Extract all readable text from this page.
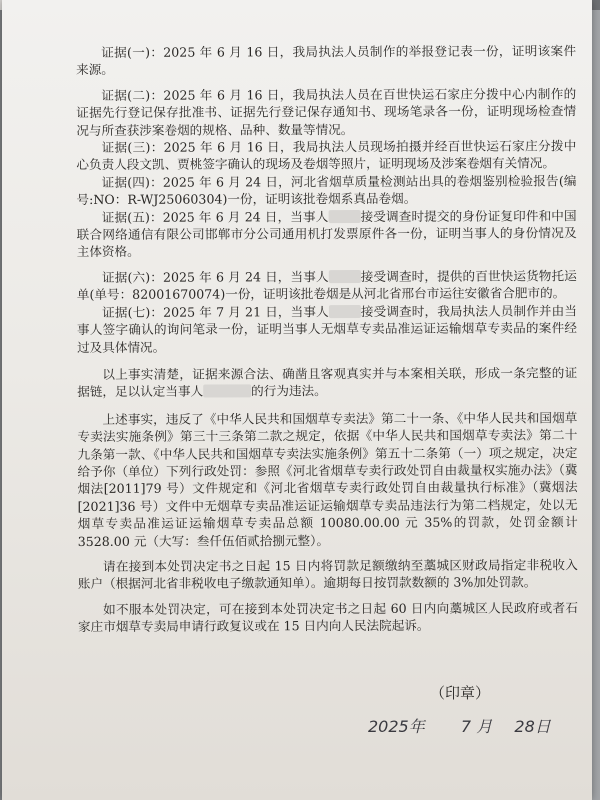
证据(一)：2025 年 6 月 16 日，我局执法人员制作的举报登记表一份，证明该案件来源。

证据(二)：2025 年 6 月 16 日，我局执法人员在百世快运石家庄分拨中心内制作的证据先行登记保存批准书、证据先行登记保存通知书、现场笔录各一份，证明现场检查情况与所查获涉案卷烟的规格、品种、数量等情况。

证据(三)：2025 年 6 月 16 日，我局执法人员现场拍摄并经百世快运石家庄分拨中心负责人段文凯、贾桃签字确认的现场及卷烟等照片，证明现场及涉案卷烟有关情况。

证据(四)：2025 年 6 月 24 日，河北省烟草质量检测站出具的卷烟鉴别检验报告(编号:NO：R-WJ25060304)一份，证明该批卷烟系真品卷烟。

证据(五)：2025 年 6 月 24 日，当事人	接受调查时提交的身份证复印件和中国联合网络通信有限公司邯郸市分公司通用机打发票原件各一份，证明当事人的身份情况及主体资格。

证据(六)：2025 年 6 月 24 日，当事人	接受调查时，提供的百世快运货物托运单(单号：82001670074)一份，证明该批卷烟是从河北省邢台市运往安徽省合肥市的。

证据(七)：2025 年 7 月 21 日，当事人	接受调查时，我局执法人员制作并由当事人签字确认的询问笔录一份，证明当事人无烟草专卖品准运证运输烟草专卖品的案件经过及具体情况。

以上事实清楚，证据来源合法、确凿且客观真实并与本案相关联，形成一条完整的证据链，足以认定当事人	的行为违法。

上述事实，违反了《中华人民共和国烟草专卖法》第二十一条、《中华人民共和国烟草专卖法实施条例》第三十三条第二款之规定，依据《中华人民共和国烟草专卖法》第二十九条第一款、《中华人民共和国烟草专卖法实施条例》第五十二条第（一）项之规定，决定给予你（单位）下列行政处罚：参照《河北省烟草专卖行政处罚自由裁量权实施办法》（冀烟法[2011]79 号）文件规定和《河北省烟草专卖行政处罚自由裁量执行标准》（冀烟法[2021]36 号）文件中无烟草专卖品准运证运输烟草专卖品违法行为第二档规定，处以无烟草专卖品准运证运输烟草专卖品总额 10080.00.00 元 35%的罚款，处罚金额计 3528.00 元（大写：叁仟伍佰贰拾捌元整）。

请在接到本处罚决定书之日起 15 日内将罚款足额缴纳至藁城区财政局指定非税收入账户（根据河北省非税收电子缴款通知单）。逾期每日按罚款数额的 3%加处罚款。

如不服本处罚决定，可在接到本处罚决定书之日起 60 日内向藁城区人民政府或者石家庄市烟草专卖局申请行政复议或在 15 日内向人民法院起诉。

（印章）
2025年 7 月 28日
